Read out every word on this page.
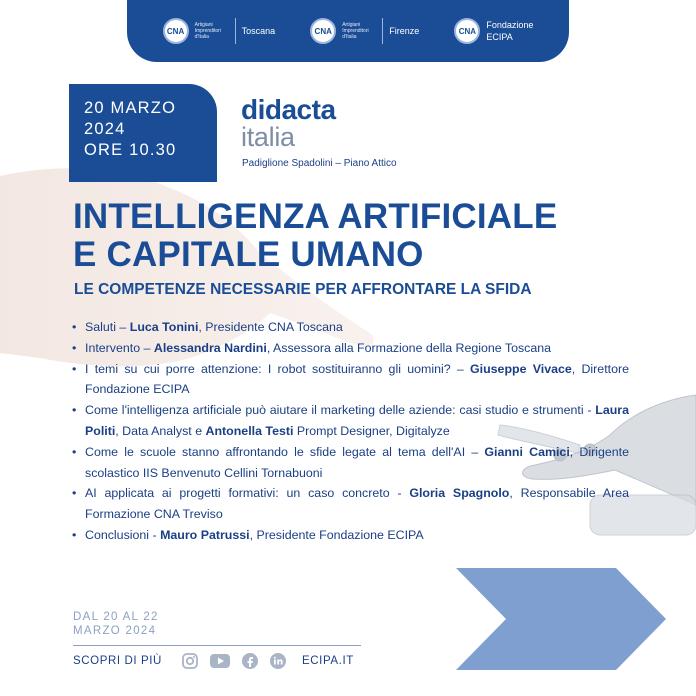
CNA
Artigiani Imprenditori d'Italia
Toscana	CNA
Artigiani Imprenditori d'Italia
Firenze	CNA
Fondazione
ECIPA
20 MARZO
2024
ORE 10.30
didacta
italia
Padiglione Spadolini – Piano Attico
INTELLIGENZA ARTIFICIALE
E CAPITALE UMANO
LE COMPETENZE NECESSARIE PER AFFRONTARE LA SFIDA
• Saluti – Luca Tonini, Presidente CNA Toscana
• Intervento – Alessandra Nardini, Assessora alla Formazione della Regione Toscana
• I temi su cui porre attenzione: I robot sostituiranno gli uomini? – Giuseppe Vivace, Direttore Fondazione ECIPA
• Come l'intelligenza artificiale può aiutare il marketing delle aziende: casi studio e strumenti - Laura Politi, Data Analyst e Antonella Testi Prompt Designer, Digitalyze
• Come le scuole stanno affrontando le sfide legate al tema dell'AI – Gianni Camici, Dirigente scolastico IIS Benvenuto Cellini Tornabuoni
• AI applicata ai progetti formativi: un caso concreto - Gloria Spagnolo, Responsabile Area Formazione CNA Treviso
• Conclusioni - Mauro Patrussi, Presidente Fondazione ECIPA
DAL 20 AL 22
MARZO 2024
SCOPRI DI PIÙ	ECIPA.IT
